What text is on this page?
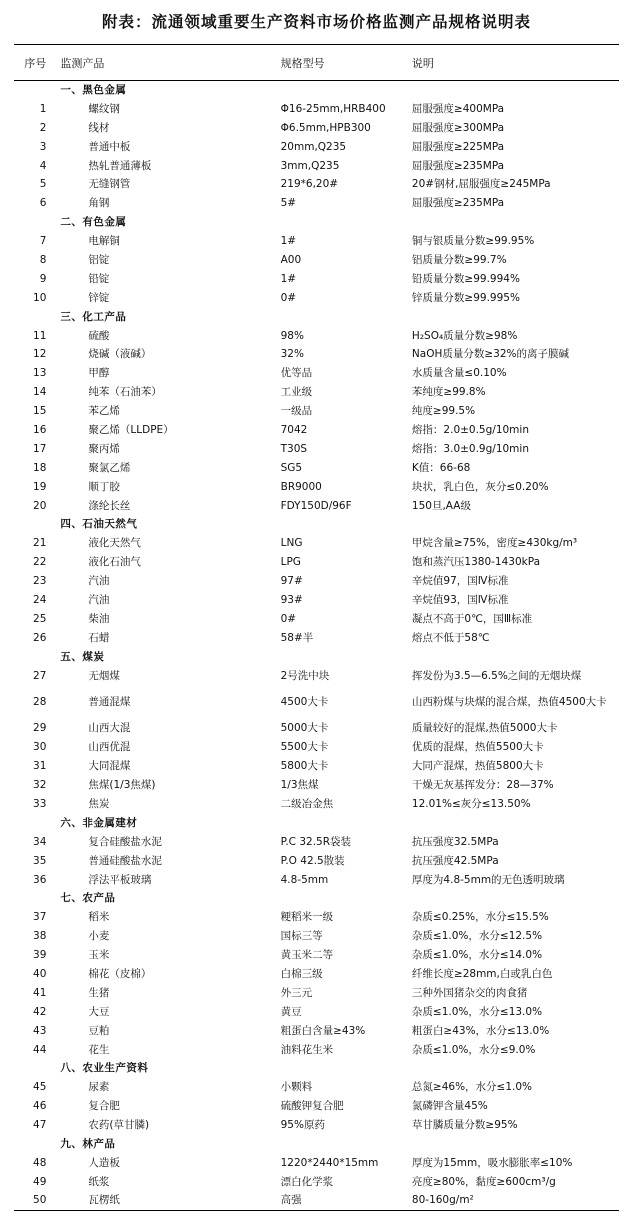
附表：流通领域重要生产资料市场价格监测产品规格说明表
序号	监测产品	规格型号	说明
	一、黑色金属		
1	螺纹钢	Φ16-25mm,HRB400	屈服强度≥400MPa
2	线材	Φ6.5mm,HPB300	屈服强度≥300MPa
3	普通中板	20mm,Q235	屈服强度≥225MPa
4	热轧普通薄板	3mm,Q235	屈服强度≥235MPa
5	无缝钢管	219*6,20#	20#钢材,屈服强度≥245MPa
6	角钢	5#	屈服强度≥235MPa
	二、有色金属		
7	电解铜	1#	铜与银质量分数≥99.95%
8	铝锭	A00	铝质量分数≥99.7%
9	铅锭	1#	铅质量分数≥99.994%
10	锌锭	0#	锌质量分数≥99.995%
	三、化工产品		
11	硫酸	98%	H₂SO₄质量分数≥98%
12	烧碱（液碱）	32%	NaOH质量分数≥32%的离子膜碱
13	甲醇	优等品	水质量含量≤0.10%
14	纯苯（石油苯）	工业级	苯纯度≥99.8%
15	苯乙烯	一级品	纯度≥99.5%
16	聚乙烯（LLDPE）	7042	熔指：2.0±0.5g/10min
17	聚丙烯	T30S	熔指：3.0±0.9g/10min
18	聚氯乙烯	SG5	K值：66-68
19	顺丁胶	BR9000	块状，乳白色，灰分≤0.20%
20	涤纶长丝	FDY150D/96F	150旦,AA级
	四、石油天然气		
21	液化天然气	LNG	甲烷含量≥75%，密度≥430kg/m³
22	液化石油气	LPG	饱和蒸汽压1380-1430kPa
23	汽油	97#	辛烷值97，国Ⅳ标准
24	汽油	93#	辛烷值93，国Ⅳ标准
25	柴油	0#	凝点不高于0℃，国Ⅲ标准
26	石蜡	58#半	熔点不低于58℃
	五、煤炭		
27	无烟煤	2号洗中块	挥发份为3.5—6.5%之间的无烟块煤
28	普通混煤	4500大卡	山西粉煤与块煤的混合煤，热值4500大卡
29	山西大混	5000大卡	质量较好的混煤,热值5000大卡
30	山西优混	5500大卡	优质的混煤，热值5500大卡
31	大同混煤	5800大卡	大同产混煤，热值5800大卡
32	焦煤(1/3焦煤)	1/3焦煤	干燥无灰基挥发分：28—37%
33	焦炭	二级冶金焦	12.01%≤灰分≤13.50%
	六、非金属建材		
34	复合硅酸盐水泥	P.C 32.5R袋装	抗压强度32.5MPa
35	普通硅酸盐水泥	P.O 42.5散装	抗压强度42.5MPa
36	浮法平板玻璃	4.8-5mm	厚度为4.8-5mm的无色透明玻璃
	七、农产品		
37	稻米	粳稻米一级	杂质≤0.25%，水分≤15.5%
38	小麦	国标三等	杂质≤1.0%，水分≤12.5%
39	玉米	黄玉米二等	杂质≤1.0%，水分≤14.0%
40	棉花（皮棉）	白棉三级	纤维长度≥28mm,白或乳白色
41	生猪	外三元	三种外国猪杂交的肉食猪
42	大豆	黄豆	杂质≤1.0%，水分≤13.0%
43	豆粕	粗蛋白含量≥43%	粗蛋白≥43%，水分≤13.0%
44	花生	油料花生米	杂质≤1.0%，水分≤9.0%
	八、农业生产资料		
45	尿素	小颗料	总氮≥46%，水分≤1.0%
46	复合肥	硫酸钾复合肥	氮磷钾含量45%
47	农药(草甘膦)	95%原药	草甘膦质量分数≥95%
	九、林产品		
48	人造板	1220*2440*15mm	厚度为15mm，吸水膨胀率≤10%
49	纸浆	漂白化学浆	亮度≥80%，黏度≥600cm³/g
50	瓦楞纸	高强	80-160g/m²
